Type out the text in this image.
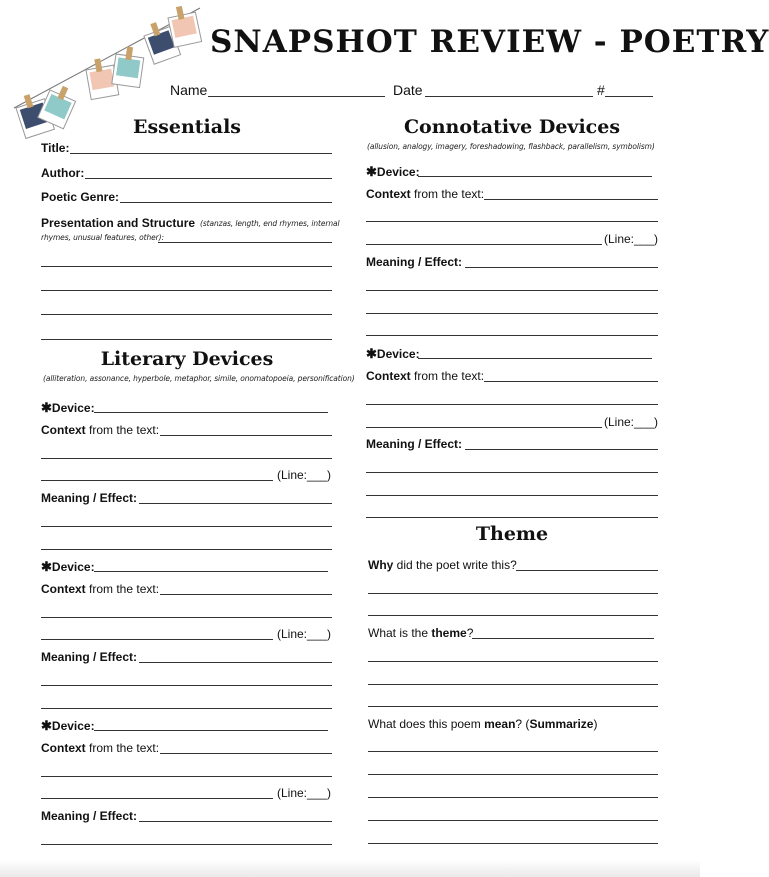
SNAPSHOT REVIEW - POETRY
Name	Date	#
Essentials
Title:
Author:
Poetic Genre:
Presentation and Structure (stanzas, length, end rhymes, internal
rhymes, unusual features, other):
Literary Devices
(alliteration, assonance, hyperbole, metaphor, simile, onomatopoeia, personification)
✱Device:
Context from the text:
(Line:___)
Meaning / Effect:
✱Device:
Context from the text:
(Line:___)
Meaning / Effect:
✱Device:
Context from the text:
(Line:___)
Meaning / Effect:
Connotative Devices
(allusion, analogy, imagery, foreshadowing, flashback, parallelism, symbolism)
✱Device:
Context from the text:
(Line:___)
Meaning / Effect:
✱Device:
Context from the text:
(Line:___)
Meaning / Effect:
Theme
Why did the poet write this?
What is the theme?
What does this poem mean? (Summarize)
